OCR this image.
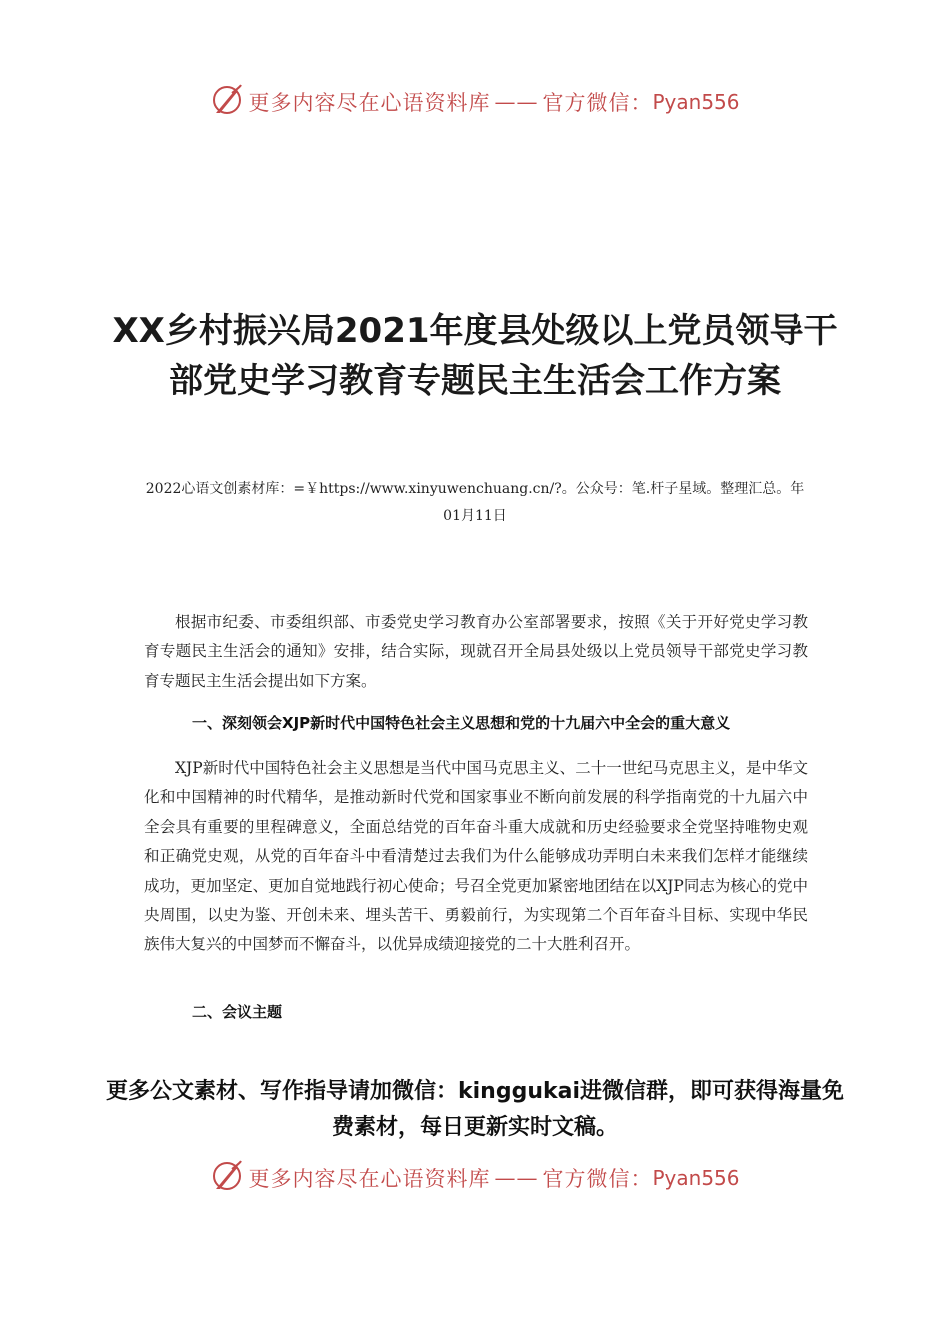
更多内容尽在心语资料库 —— 官方微信： Pyan556
XX乡村振兴局2021年度县处级以上党员领导干部党史学习教育专题民主生活会工作方案
2022心语文创素材库：=￥https://www.xinyuwenchuang.cn/?。公众号：笔.杆子星域。整理汇总。年01月11日
根据市纪委、市委组织部、市委党史学习教育办公室部署要求，按照《关于开好党史学习教育专题民主生活会的通知》安排，结合实际，现就召开全局县处级以上党员领导干部党史学习教育专题民主生活会提出如下方案。
一、深刻领会XJP新时代中国特色社会主义思想和党的十九届六中全会的重大意义
XJP新时代中国特色社会主义思想是当代中国马克思主义、二十一世纪马克思主义，是中华文化和中国精神的时代精华，是推动新时代党和国家事业不断向前发展的科学指南党的十九届六中全会具有重要的里程碑意义，全面总结党的百年奋斗重大成就和历史经验要求全党坚持唯物史观和正确党史观，从党的百年奋斗中看清楚过去我们为什么能够成功弄明白未来我们怎样才能继续成功，更加坚定、更加自觉地践行初心使命；号召全党更加紧密地团结在以XJP同志为核心的党中央周围，以史为鉴、开创未来、埋头苦干、勇毅前行，为实现第二个百年奋斗目标、实现中华民族伟大复兴的中国梦而不懈奋斗，以优异成绩迎接党的二十大胜利召开。
二、会议主题
更多公文素材、写作指导请加微信：kinggukai进微信群，即可获得海量免费素材，每日更新实时文稿。
更多内容尽在心语资料库 —— 官方微信： Pyan556
